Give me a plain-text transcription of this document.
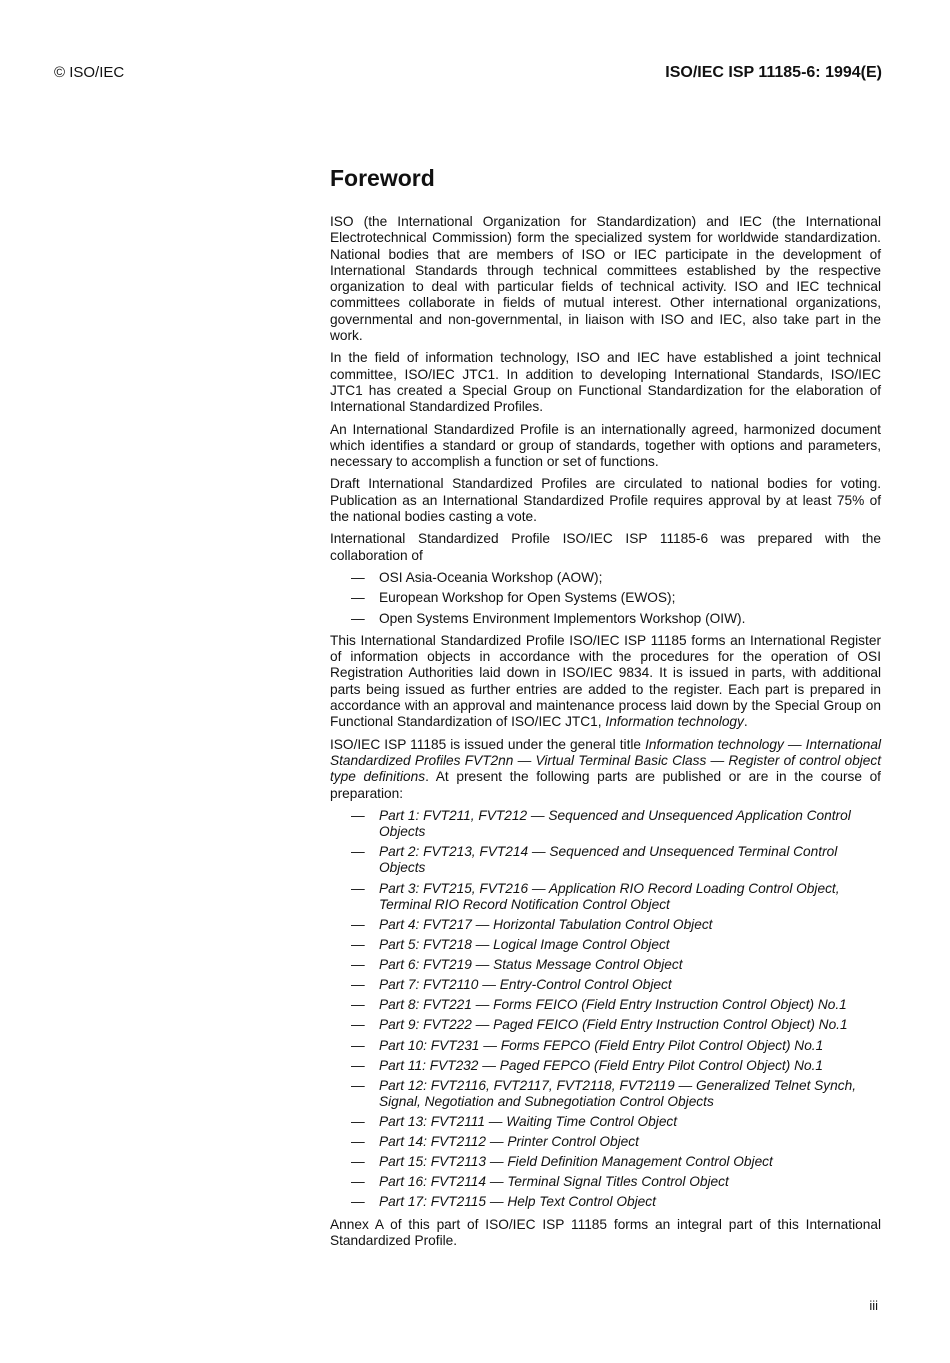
© ISO/IEC	ISO/IEC ISP 11185-6: 1994(E)
Foreword

ISO (the International Organization for Standardization) and IEC (the International Electrotechnical Commission) form the specialized system for worldwide standardization. National bodies that are members of ISO or IEC participate in the development of International Standards through technical committees established by the respective organization to deal with particular fields of technical activity. ISO and IEC technical committees collaborate in fields of mutual interest. Other international organizations, governmental and non-governmental, in liaison with ISO and IEC, also take part in the work.

In the field of information technology, ISO and IEC have established a joint technical committee, ISO/IEC JTC1. In addition to developing International Standards, ISO/IEC JTC1 has created a Special Group on Functional Standardization for the elaboration of International Standardized Profiles.

An International Standardized Profile is an internationally agreed, harmonized document which identifies a standard or group of standards, together with options and parameters, necessary to accomplish a function or set of functions.

Draft International Standardized Profiles are circulated to national bodies for voting. Publication as an International Standardized Profile requires approval by at least 75% of the national bodies casting a vote.

International Standardized Profile ISO/IEC ISP 11185-6 was prepared with the collaboration of

— OSI Asia-Oceania Workshop (AOW);
— European Workshop for Open Systems (EWOS);
— Open Systems Environment Implementors Workshop (OIW).

This International Standardized Profile ISO/IEC ISP 11185 forms an International Register of information objects in accordance with the procedures for the operation of OSI Registration Authorities laid down in ISO/IEC 9834. It is issued in parts, with additional parts being issued as further entries are added to the register. Each part is prepared in accordance with an approval and maintenance process laid down by the Special Group on Functional Standardization of ISO/IEC JTC1, Information technology.

ISO/IEC ISP 11185 is issued under the general title Information technology — International Standardized Profiles FVT2nn — Virtual Terminal Basic Class — Register of control object type definitions. At present the following parts are published or are in the course of preparation:

— Part 1: FVT211, FVT212 — Sequenced and Unsequenced Application Control Objects
— Part 2: FVT213, FVT214 — Sequenced and Unsequenced Terminal Control Objects
— Part 3: FVT215, FVT216 — Application RIO Record Loading Control Object, Terminal RIO Record Notification Control Object
— Part 4: FVT217 — Horizontal Tabulation Control Object
— Part 5: FVT218 — Logical Image Control Object
— Part 6: FVT219 — Status Message Control Object
— Part 7: FVT2110 — Entry-Control Control Object
— Part 8: FVT221 — Forms FEICO (Field Entry Instruction Control Object) No.1
— Part 9: FVT222 — Paged FEICO (Field Entry Instruction Control Object) No.1
— Part 10: FVT231 — Forms FEPCO (Field Entry Pilot Control Object) No.1
— Part 11: FVT232 — Paged FEPCO (Field Entry Pilot Control Object) No.1
— Part 12: FVT2116, FVT2117, FVT2118, FVT2119 — Generalized Telnet Synch, Signal, Negotiation and Subnegotiation Control Objects
— Part 13: FVT2111 — Waiting Time Control Object
— Part 14: FVT2112 — Printer Control Object
— Part 15: FVT2113 — Field Definition Management Control Object
— Part 16: FVT2114 — Terminal Signal Titles Control Object
— Part 17: FVT2115 — Help Text Control Object

Annex A of this part of ISO/IEC ISP 11185 forms an integral part of this International Standardized Profile.

iii
